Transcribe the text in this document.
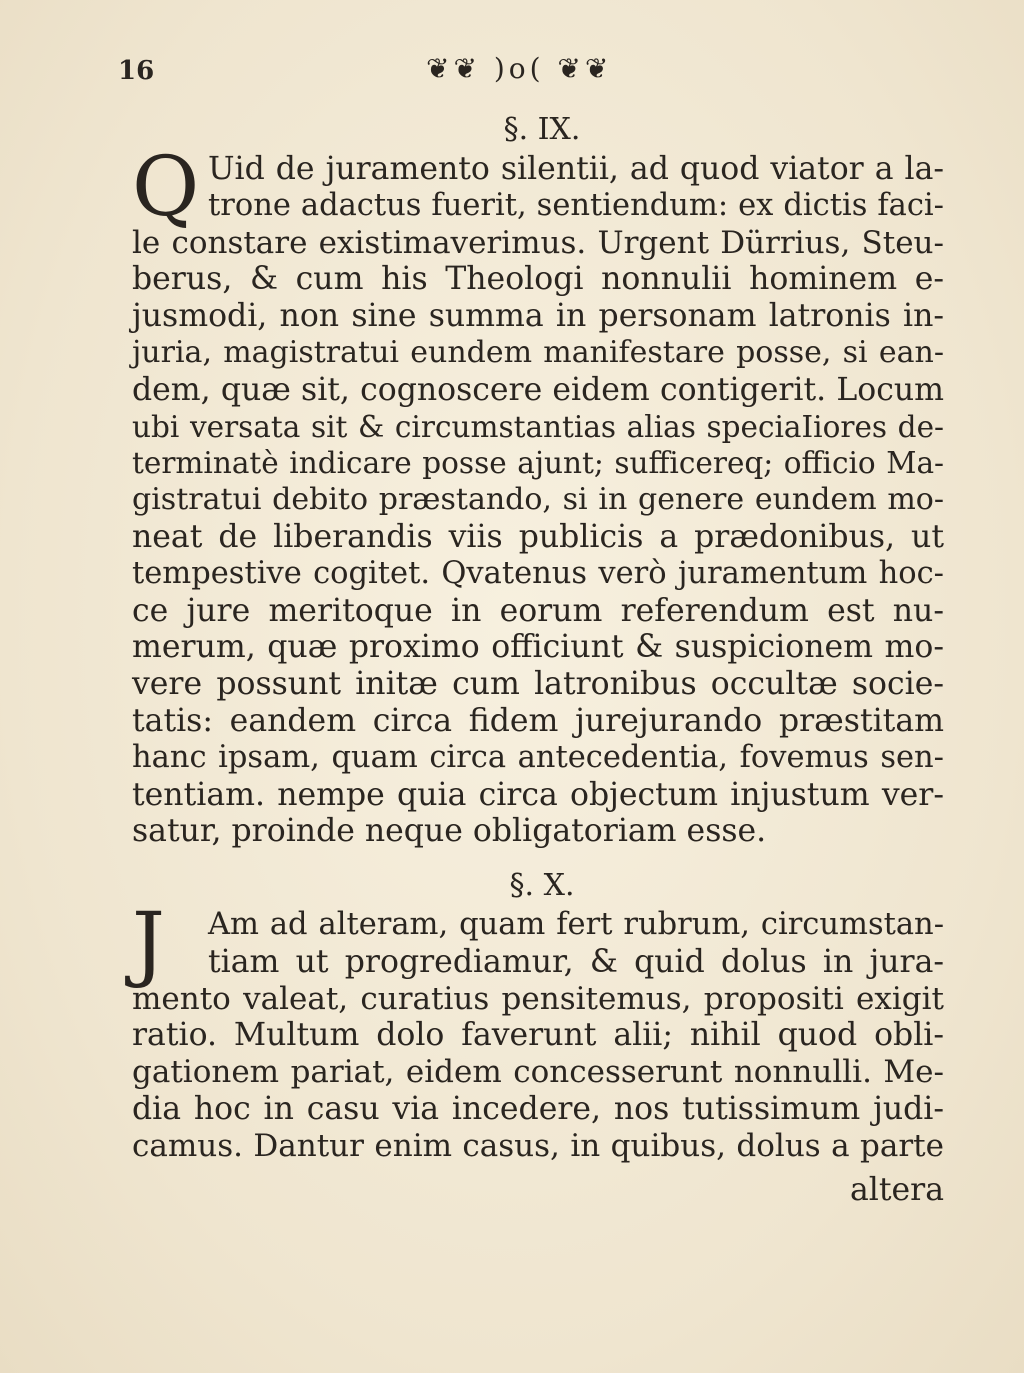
16	❦❦ )o( ❦❦
§. IX.
Q Uid de juramento silentii, ad quod viator a la-
trone adactus fuerit, sentiendum: ex dictis faci-
le constare existimaverimus. Urgent Dürrius, Steu-
berus, & cum his Theologi nonnulii hominem e-
jusmodi, non sine summa in personam latronis in-
juria, magistratui eundem manifestare posse, si ean-
dem, quæ sit, cognoscere eidem contigerit. Locum
ubi versata sit & circumstantias alias speciaIiores de-
terminatè indicare posse ajunt; sufficereq; officio Ma-
gistratui debito præstando, si in genere eundem mo-
neat de liberandis viis publicis a prædonibus, ut
tempestive cogitet. Qvatenus verò juramentum hoc-
ce jure meritoque in eorum referendum est nu-
merum, quæ proximo officiunt & suspicionem mo-
vere possunt initæ cum latronibus occultæ socie-
tatis: eandem circa fidem jurejurando præstitam
hanc ipsam, quam circa antecedentia, fovemus sen-
tentiam. nempe quia circa objectum injustum ver-
satur, proinde neque obligatoriam esse.
§. X.
J	Am ad alteram, quam fert rubrum, circumstan-
tiam ut progrediamur, & quid dolus in jura-
mento valeat, curatius pensitemus, propositi exigit
ratio. Multum dolo faverunt alii; nihil quod obli-
gationem pariat, eidem concesserunt nonnulli. Me-
dia hoc in casu via incedere, nos tutissimum judi-
camus. Dantur enim casus, in quibus, dolus a parte
altera
